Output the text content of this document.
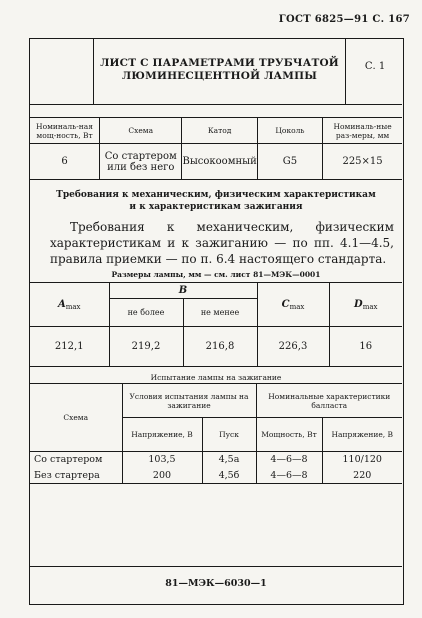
ГОСТ 6825—91 С. 167
ЛИСТ С ПАРАМЕТРАМИ ТРУБЧАТОЙ
ЛЮМИНЕСЦЕНТНОЙ ЛАМПЫ
С. 1
Номиналь-ная мощ-ность, Вт	Схема	Катод	Цоколь	Номиналь-ные раз-меры, мм
6	Со стартером или без него	Высокоомный	G5	225×15
Требования к механическим, физическим характеристикам
и к характеристикам зажигания

Требования к механическим, физическим характеристикам и к зажиганию — по пп. 4.1—4.5, правила приемки — по п. 6.4 настоящего стандарта.

Размеры лампы, мм — см. лист 81—МЭК—0001
Amax	B		Cmax	Dmax
	не более	не менее		
212,1	219,2	216,8	226,3	16
Испытание лампы на зажигание
Схема	Условия испытания лампы на зажигание		Номинальные характеристики балласта	
	Напряжение, В	Пуск	Мощность, Вт	Напряжение, В
Со стартером	103,5	4,5а	4—6—8	110/120
Без стартера	200	4,5б	4—6—8	220
81—МЭК—6030—1
